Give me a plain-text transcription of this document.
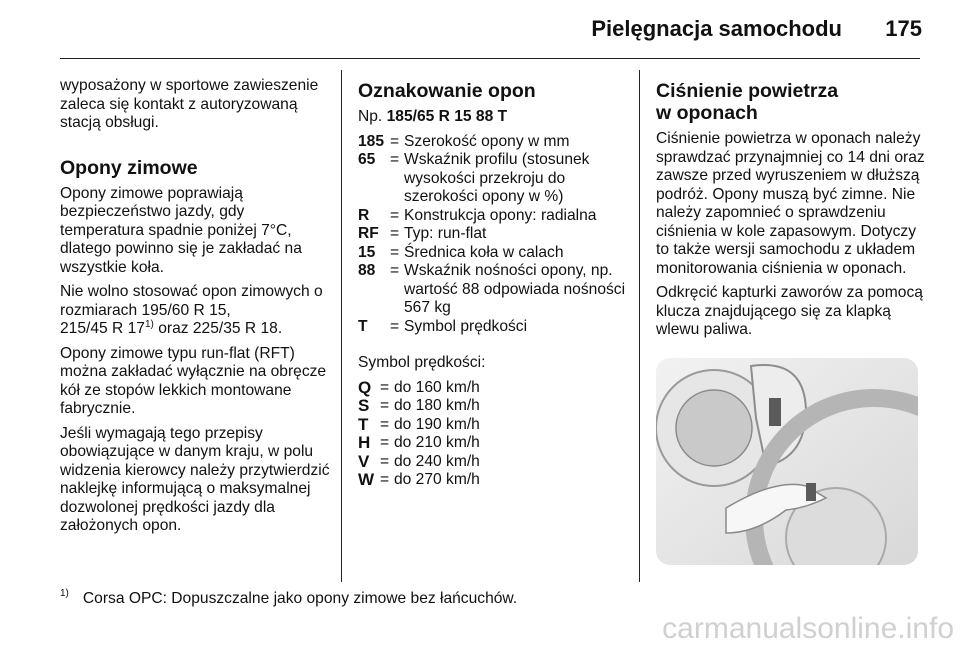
Pielęgnacja samochodu 175

wyposażony w sportowe zawieszenie zaleca się kontakt z autoryzowaną stacją obsługi.

Opony zimowe

Opony zimowe poprawiają bezpieczeństwo jazdy, gdy temperatura spadnie poniżej 7°C, dlatego powinno się je zakładać na wszystkie koła.

Nie wolno stosować opon zimowych o rozmiarach 195/60 R 15,
215/45 R 17$^{1)}$ oraz 225/35 R 18.

Opony zimowe typu run-flat (RFT) można zakładać wyłącznie na obręcze kół ze stopów lekkich montowane fabrycznie.

Jeśli wymagają tego przepisy obowiązujące w danym kraju, w polu widzenia kierowcy należy przytwierdzić naklejkę informującą o maksymalnej dozwolonej prędkości jazdy dla założonych opon.

Oznakowanie opon

Np. 185/65 R 15 88 T

185 = Szerokość opony w mm
65 = Wskaźnik profilu (stosunek wysokości przekroju do szerokości opony w %)
R	= Konstrukcja opony: radialna
RF = Typ: run-flat
15 = Średnica koła w calach
88 = Wskaźnik nośności opony, np. wartość 88 odpowiada nośności 567 kg
T	= Symbol prędkości

Symbol prędkości:

Q = do 160 km/h
S = do 180 km/h
T = do 190 km/h
H = do 210 km/h
V = do 240 km/h
W = do 270 km/h
Ciśnienie powietrza
w oponach

Ciśnienie powietrza w oponach należy sprawdzać przynajmniej co 14 dni oraz zawsze przed wyruszeniem w dłuższą podróż. Opony muszą być zimne. Nie należy zapomnieć o sprawdzeniu ciśnienia w kole zapasowym. Dotyczy to także wersji samochodu z układem monitorowania ciśnienia w oponach.

Odkręcić kapturki zaworów za pomocą klucza znajdującego się za klapką wlewu paliwa.

$^{1)}$ Corsa OPC: Dopuszczalne jako opony zimowe bez łańcuchów.
carmanualsonline.info
